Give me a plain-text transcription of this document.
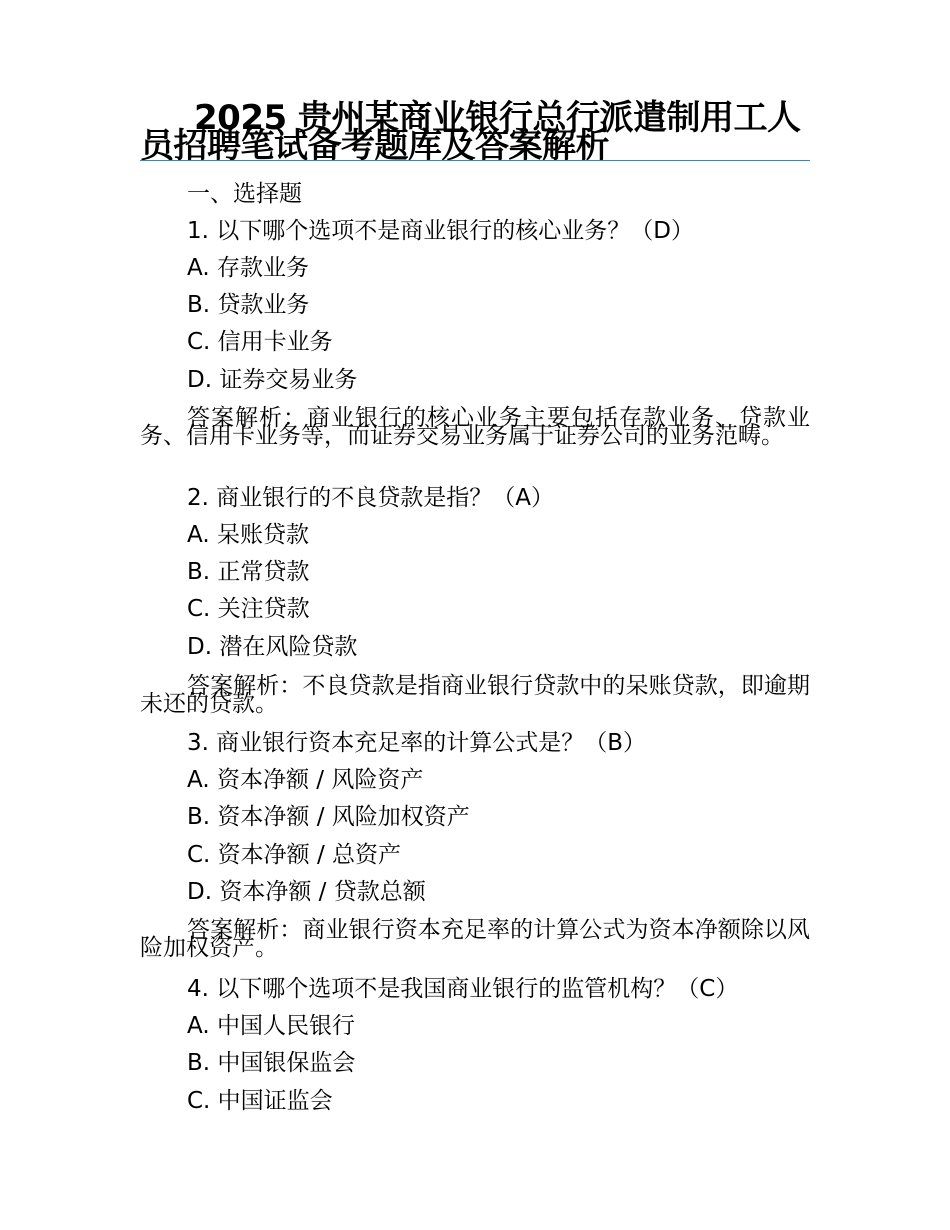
2025 贵州某商业银行总行派遣制用工人员招聘笔试备考题库及答案解析
一、选择题
1. 以下哪个选项不是商业银行的核心业务？（D）
A. 存款业务
B. 贷款业务
C. 信用卡业务
D. 证券交易业务
答案解析：商业银行的核心业务主要包括存款业务、贷款业务、信用卡业务等，而证券交易业务属于证券公司的业务范畴。
2. 商业银行的不良贷款是指？（A）
A. 呆账贷款
B. 正常贷款
C. 关注贷款
D. 潜在风险贷款
答案解析：不良贷款是指商业银行贷款中的呆账贷款，即逾期未还的贷款。
3. 商业银行资本充足率的计算公式是？（B）
A. 资本净额 / 风险资产
B. 资本净额 / 风险加权资产
C. 资本净额 / 总资产
D. 资本净额 / 贷款总额
答案解析：商业银行资本充足率的计算公式为资本净额除以风险加权资产。
4. 以下哪个选项不是我国商业银行的监管机构？（C）
A. 中国人民银行
B. 中国银保监会
C. 中国证监会
